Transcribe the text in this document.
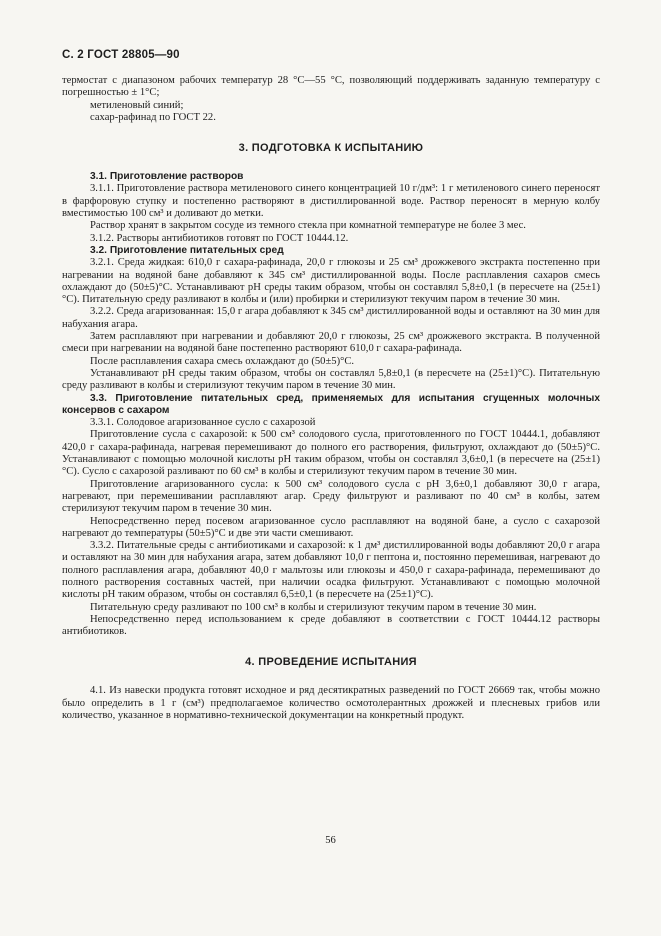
С. 2 ГОСТ 28805—90

термостат с диапазоном рабочих температур 28 °С—55 °С, позволяющий поддерживать заданную температуру с погрешностью ± 1°С;

метиленовый синий;

сахар-рафинад по ГОСТ 22.

3. ПОДГОТОВКА К ИСПЫТАНИЮ
3.1. Приготовление растворов

3.1.1. Приготовление раствора метиленового синего концентрацией 10 г/дм³: 1 г метиленового синего переносят в фарфоровую ступку и постепенно растворяют в дистиллированной воде. Раствор переносят в мерную колбу вместимостью 100 см³ и доливают до метки.

Раствор хранят в закрытом сосуде из темного стекла при комнатной температуре не более 3 мес.

3.1.2. Растворы антибиотиков готовят по ГОСТ 10444.12.

3.2. Приготовление питательных сред

3.2.1. Среда жидкая: 610,0 г сахара-рафинада, 20,0 г глюкозы и 25 см³ дрожжевого экстракта постепенно при нагревании на водяной бане добавляют к 345 см³ дистиллированной воды. После расплавления сахаров смесь охлаждают до (50±5)°С. Устанавливают рН среды таким образом, чтобы он составлял 5,8±0,1 (в пересчете на (25±1)°С). Питательную среду разливают в колбы и (или) пробирки и стерилизуют текучим паром в течение 30 мин.

3.2.2. Среда агаризованная: 15,0 г агара добавляют к 345 см³ дистиллированной воды и оставляют на 30 мин для набухания агара.

Затем расплавляют при нагревании и добавляют 20,0 г глюкозы, 25 см³ дрожжевого экстракта. В полученной смеси при нагревании на водяной бане постепенно растворяют 610,0 г сахара-рафинада.

После расплавления сахара смесь охлаждают до (50±5)°С.

Устанавливают рН среды таким образом, чтобы он составлял 5,8±0,1 (в пересчете на (25±1)°С). Питательную среду разливают в колбы и стерилизуют текучим паром в течение 30 мин.

3.3. Приготовление питательных сред, применяемых для испытания сгущенных молочных консервов с сахаром

3.3.1. Солодовое агаризованное сусло с сахарозой

Приготовление сусла с сахарозой: к 500 см³ солодового сусла, приготовленного по ГОСТ 10444.1, добавляют 420,0 г сахара-рафинада, нагревая перемешивают до полного его растворения, фильтруют, охлаждают до (50±5)°С. Устанавливают с помощью молочной кислоты рН таким образом, чтобы он составлял 3,6±0,1 (в пересчете на (25±1)°С). Сусло с сахарозой разливают по 60 см³ в колбы и стерилизуют текучим паром в течение 30 мин.

Приготовление агаризованного сусла: к 500 см³ солодового сусла с рН 3,6±0,1 добавляют 30,0 г агара, нагревают, при перемешивании расплавляют агар. Среду фильтруют и разливают по 40 см³ в колбы, затем стерилизуют текучим паром в течение 30 мин.

Непосредственно перед посевом агаризованное сусло расплавляют на водяной бане, а сусло с сахарозой нагревают до температуры (50±5)°С и две эти части смешивают.

3.3.2. Питательные среды с антибиотиками и сахарозой: к 1 дм³ дистиллированной воды добавляют 20,0 г агара и оставляют на 30 мин для набухания агара, затем добавляют 10,0 г пептона и, постоянно перемешивая, нагревают до полного расплавления агара, добавляют 40,0 г мальтозы или глюкозы и 450,0 г сахара-рафинада, перемешивают до полного растворения составных частей, при наличии осадка фильтруют. Устанавливают с помощью молочной кислоты рН таким образом, чтобы он составлял 6,5±0,1 (в пересчете на (25±1)°С).

Питательную среду разливают по 100 см³ в колбы и стерилизуют текучим паром в течение 30 мин.

Непосредственно перед использованием к среде добавляют в соответствии с ГОСТ 10444.12 растворы антибиотиков.

4. ПРОВЕДЕНИЕ ИСПЫТАНИЯ

4.1. Из навески продукта готовят исходное и ряд десятикратных разведений по ГОСТ 26669 так, чтобы можно было определить в 1 г (см³) предполагаемое количество осмотолерантных дрожжей и плесневых грибов или количество, указанное в нормативно-технической документации на конкретный продукт.

56
